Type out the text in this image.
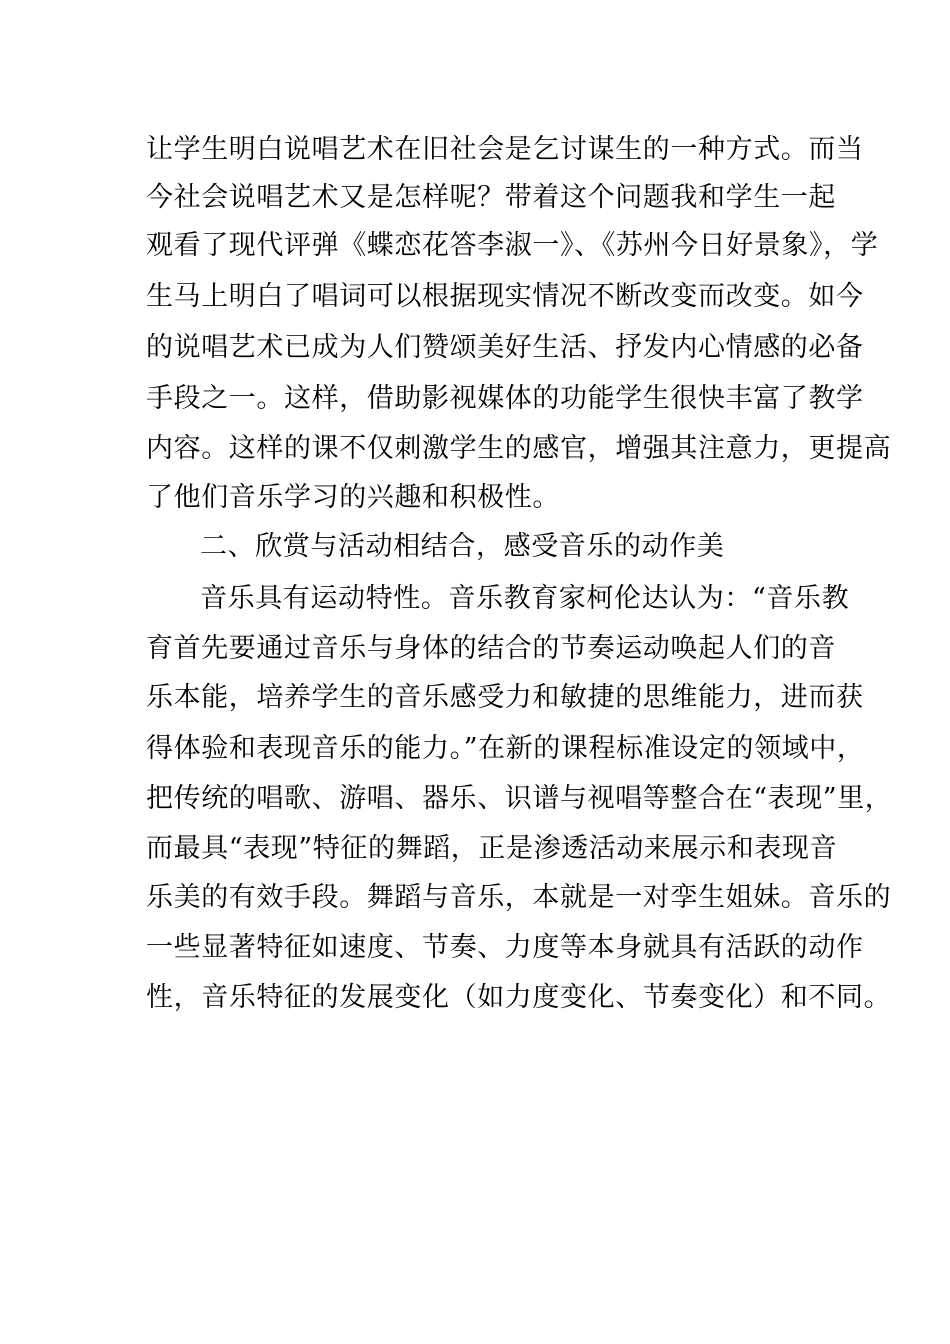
让学生明白说唱艺术在旧社会是乞讨谋生的一种方式。而当
今社会说唱艺术又是怎样呢？带着这个问题我和学生一起
观看了现代评弹《蝶恋花答李淑一》、《苏州今日好景象》，学
生马上明白了唱词可以根据现实情况不断改变而改变。如今
的说唱艺术已成为人们赞颂美好生活、抒发内心情感的必备
手段之一。这样，借助影视媒体的功能学生很快丰富了教学
内容。这样的课不仅刺激学生的感官，增强其注意力，更提高
了他们音乐学习的兴趣和积极性。
二、欣赏与活动相结合，感受音乐的动作美
音乐具有运动特性。音乐教育家柯伦达认为：“音乐教
育首先要通过音乐与身体的结合的节奏运动唤起人们的音
乐本能，培养学生的音乐感受力和敏捷的思维能力，进而获
得体验和表现音乐的能力。”在新的课程标准设定的领域中，
把传统的唱歌、游唱、器乐、识谱与视唱等整合在“表现”里，
而最具“表现”特征的舞蹈，正是渗透活动来展示和表现音
乐美的有效手段。舞蹈与音乐，本就是一对孪生姐妹。音乐的
一些显著特征如速度、节奏、力度等本身就具有活跃的动作
性，音乐特征的发展变化（如力度变化、节奏变化）和不同。
